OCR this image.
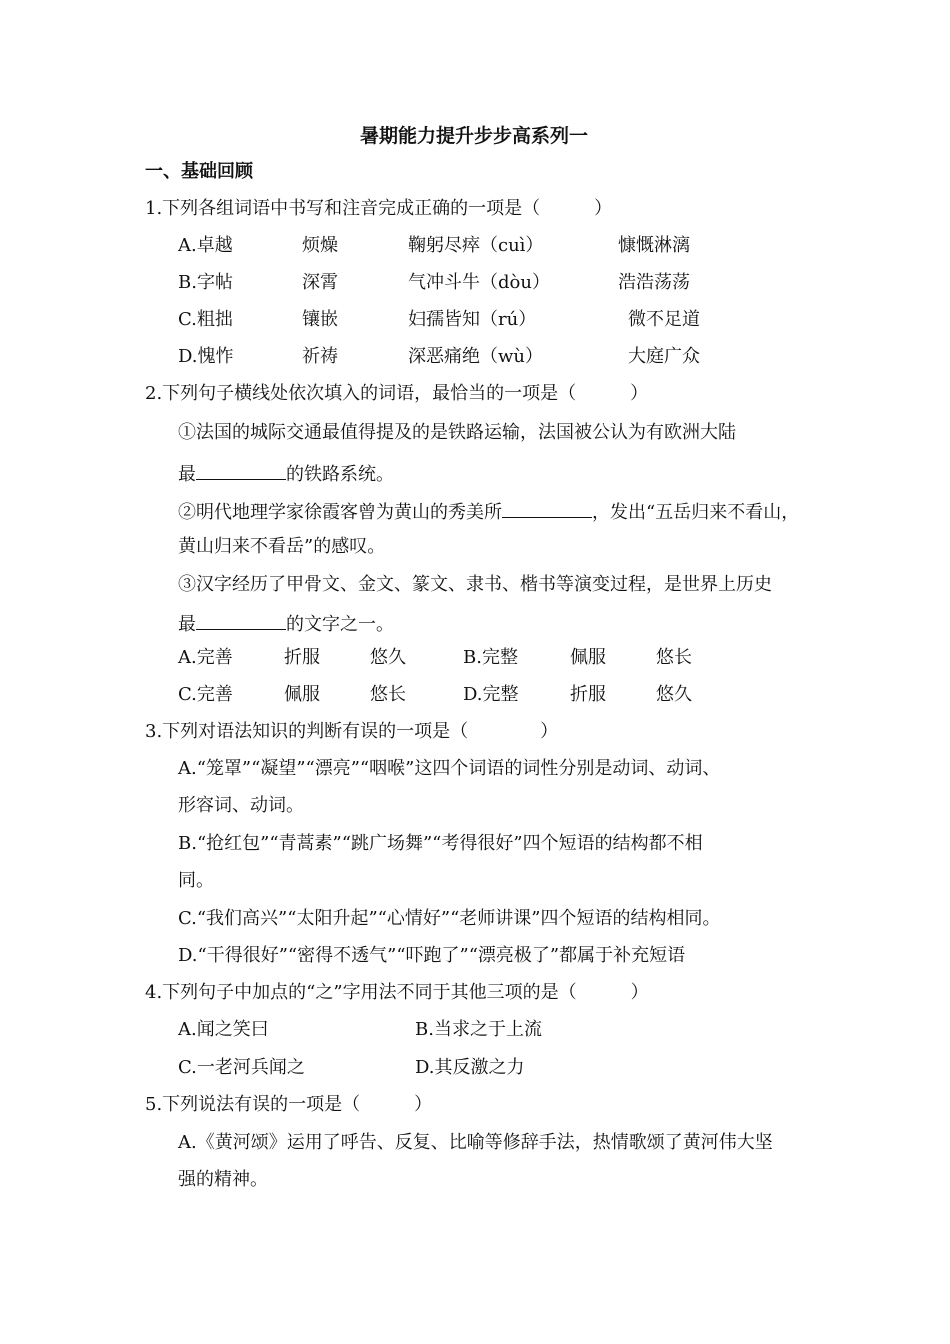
暑期能力提升步步高系列一
一、基础回顾
1.下列各组词语中书写和注音完成正确的一项是（　　　）
A.卓越	烦燥	鞠躬尽瘁（cuì）	慷慨淋漓
B.字帖	深霄	气冲斗牛（dòu）	浩浩荡荡
C.粗拙	镶嵌	妇孺皆知（rú）	微不足道
D.愧怍	祈祷	深恶痛绝（wù）	大庭广众
2.下列句子横线处依次填入的词语，最恰当的一项是（　　　）
①法国的城际交通最值得提及的是铁路运输，法国被公认为有欧洲大陆
最	的铁路系统。
②明代地理学家徐霞客曾为黄山的秀美所	，发出“五岳归来不看山，
黄山归来不看岳”的感叹。
③汉字经历了甲骨文、金文、篆文、隶书、楷书等演变过程，是世界上历史
最	的文字之一。
A.完善	折服	悠久	B.完整	佩服	悠长
C.完善	佩服	悠长	D.完整	折服	悠久
3.下列对语法知识的判断有误的一项是（　　　　）
A.“笼罩”“凝望”“漂亮”“咽喉”这四个词语的词性分别是动词、动词、
形容词、动词。
B.“抢红包”“青蒿素”“跳广场舞”“考得很好”四个短语的结构都不相
同。
C.“我们高兴”“太阳升起”“心情好”“老师讲课”四个短语的结构相同。
D.“干得很好”“密得不透气”“吓跑了”“漂亮极了”都属于补充短语
4.下列句子中加点的“之”字用法不同于其他三项的是（　　　）
A.闻之笑曰	B.当求之于上流
C.一老河兵闻之	D.其反激之力
5.下列说法有误的一项是（　　　）
A.《黄河颂》运用了呼告、反复、比喻等修辞手法，热情歌颂了黄河伟大坚
强的精神。
